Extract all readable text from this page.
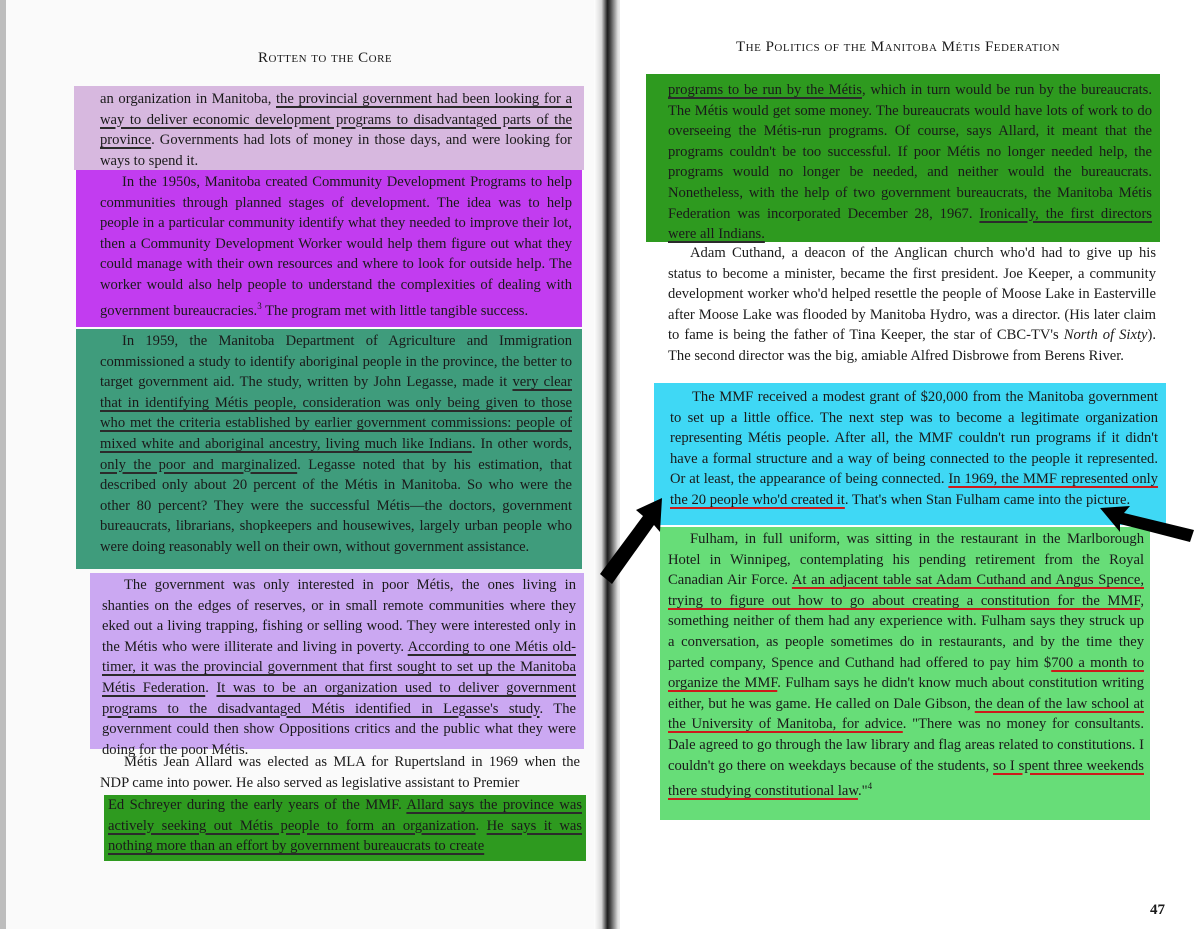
Rotten to the Core

an organization in Manitoba, the provincial government had been looking for a way to deliver economic development programs to disadvantaged parts of the province. Governments had lots of money in those days, and were looking for ways to spend it.

In the 1950s, Manitoba created Community Development Programs to help communities through planned stages of development. The idea was to help people in a particular community identify what they needed to improve their lot, then a Community Development Worker would help them figure out what they could manage with their own resources and where to look for outside help. The worker would also help people to understand the complexities of dealing with government bureaucracies.$^3$ The program met with little tangible success.

In 1959, the Manitoba Department of Agriculture and Immigration commissioned a study to identify aboriginal people in the province, the better to target government aid. The study, written by John Legasse, made it very clear that in identifying Métis people, consideration was only being given to those who met the criteria established by earlier government commissions: people of mixed white and aboriginal ancestry, living much like Indians. In other words, only the poor and marginalized. Legasse noted that by his estimation, that described only about 20 percent of the Métis in Manitoba. So who were the other 80 percent? They were the successful Métis—the doctors, government bureaucrats, librarians, shopkeepers and housewives, largely urban people who were doing reasonably well on their own, without government assistance.

The government was only interested in poor Métis, the ones living in shanties on the edges of reserves, or in small remote communities where they eked out a living trapping, fishing or selling wood. They were interested only in the Métis who were illiterate and living in poverty. According to one Métis old-timer, it was the provincial government that first sought to set up the Manitoba Métis Federation. It was to be an organization used to deliver government programs to the disadvantaged Métis identified in Legasse's study. The government could then show Oppositions critics and the public what they were doing for the poor Métis.

Métis Jean Allard was elected as MLA for Rupertsland in 1969 when the NDP came into power. He also served as legislative assistant to Premier

Ed Schreyer during the early years of the MMF. Allard says the province was actively seeking out Métis people to form an organization. He says it was nothing more than an effort by government bureaucrats to create

The Politics of the Manitoba Métis Federation

programs to be run by the Métis, which in turn would be run by the bureaucrats. The Métis would get some money. The bureaucrats would have lots of work to do overseeing the Métis-run programs. Of course, says Allard, it meant that the programs couldn't be too successful. If poor Métis no longer needed help, the programs would no longer be needed, and neither would the bureaucrats. Nonetheless, with the help of two government bureaucrats, the Manitoba Métis Federation was incorporated December 28, 1967. Ironically, the first directors were all Indians.

Adam Cuthand, a deacon of the Anglican church who'd had to give up his status to become a minister, became the first president. Joe Keeper, a community development worker who'd helped resettle the people of Moose Lake in Easterville after Moose Lake was flooded by Manitoba Hydro, was a director. (His later claim to fame is being the father of Tina Keeper, the star of CBC-TV's North of Sixty). The second director was the big, amiable Alfred Disbrowe from Berens River.

The MMF received a modest grant of $20,000 from the Manitoba government to set up a little office. The next step was to become a legitimate organization representing Métis people. After all, the MMF couldn't run programs if it didn't have a formal structure and a way of being connected to the people it represented. Or at least, the appearance of being connected. In 1969, the MMF represented only the 20 people who'd created it. That's when Stan Fulham came into the picture.

Fulham, in full uniform, was sitting in the restaurant in the Marlborough Hotel in Winnipeg, contemplating his pending retirement from the Royal Canadian Air Force. At an adjacent table sat Adam Cuthand and Angus Spence, trying to figure out how to go about creating a constitution for the MMF, something neither of them had any experience with. Fulham says they struck up a conversation, as people sometimes do in restaurants, and by the time they parted company, Spence and Cuthand had offered to pay him $700 a month to organize the MMF. Fulham says he didn't know much about constitution writing either, but he was game. He called on Dale Gibson, the dean of the law school at the University of Manitoba, for advice. "There was no money for consultants. Dale agreed to go through the law library and flag areas related to constitutions. I couldn't go there on weekdays because of the students, so I spent three weekends there studying constitutional law."$^4$

47
